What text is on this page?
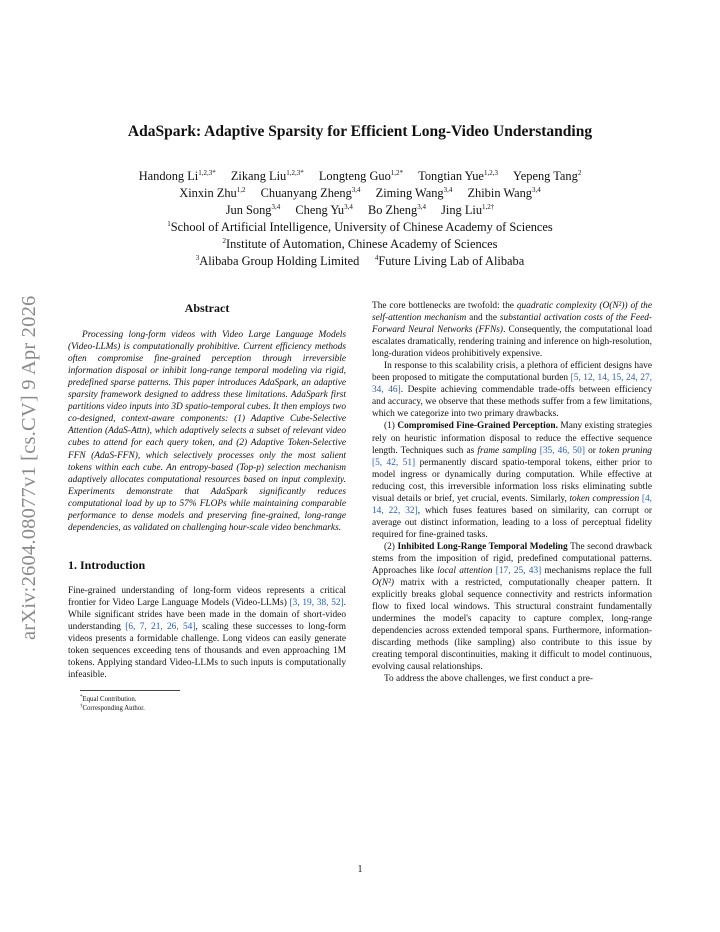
arXiv:2604.08077v1 [cs.CV] 9 Apr 2026
AdaSpark: Adaptive Sparsity for Efficient Long-Video Understanding
Handong $Li^{1,2,3*}$ Zikang Liu$^{1,2,3*}$ Longteng Guo$^{1,2*}$ Tongtian Yue$^{1,2,3}$ Yepeng Tang$^2$
Xinxin Zhu$^{1,2}$ Chuanyang Zheng$^{3,4}$ Ziming Wang$^{3,4}$ Zhibin Wang$^{3,4}$
Jun Song$^{3,4}$ Cheng Yu$^{3,4}$ Bo Zheng$^{3,4}$ Jing Liu$^{1,2\dagger}$
$^1$School of Artificial Intelligence, University of Chinese Academy of Sciences
$^2$Institute of Automation, Chinese Academy of Sciences
$^3$Alibaba Group Holding Limited $^4$Future Living Lab of Alibaba
Abstract

Processing long-form videos with Video Large Language Models (Video-LLMs) is computationally prohibitive. Current efficiency methods often compromise fine-grained perception through irreversible information disposal or inhibit long-range temporal modeling via rigid, predefined sparse patterns. This paper introduces AdaSpark, an adaptive sparsity framework designed to address these limitations. AdaSpark first partitions video inputs into 3D spatio-temporal cubes. It then employs two co-designed, context-aware components: (1) Adaptive Cube-Selective Attention (AdaS-Attn), which adaptively selects a subset of relevant video cubes to attend for each query token, and (2) Adaptive Token-Selective FFN (AdaS-FFN), which selectively processes only the most salient tokens within each cube. An entropy-based (Top-p) selection mechanism adaptively allocates computational resources based on input complexity. Experiments demonstrate that AdaSpark significantly reduces computational load by up to 57% FLOPs while maintaining comparable performance to dense models and preserving fine-grained, long-range dependencies, as validated on challenging hour-scale video benchmarks.

1. Introduction

Fine-grained understanding of long-form videos represents a critical frontier for Video Large Language Models (Video-LLMs) [3, 19, 38, 52]. While significant strides have been made in the domain of short-video understanding [6, 7, 21, 26, 54], scaling these successes to long-form videos presents a formidable challenge. Long videos can easily generate token sequences exceeding tens of thousands and even approaching 1M tokens. Applying standard Video-LLMs to such inputs is computationally infeasible.

*Equal Contribution.
†Corresponding Author.

The core bottlenecks are twofold: the quadratic complexity (O(N²)) of the self-attention mechanism and the substantial activation costs of the Feed-Forward Neural Networks (FFNs). Consequently, the computational load escalates dramatically, rendering training and inference on high-resolution, long-duration videos prohibitively expensive.

In response to this scalability crisis, a plethora of efficient designs have been proposed to mitigate the computational burden [5, 12, 14, 15, 24, 27, 34, 46]. Despite achieving commendable trade-offs between efficiency and accuracy, we observe that these methods suffer from a few limitations, which we categorize into two primary drawbacks.

(1) Compromised Fine-Grained Perception. Many existing strategies rely on heuristic information disposal to reduce the effective sequence length. Techniques such as frame sampling [35, 46, 50] or token pruning [5, 42, 51] permanently discard spatio-temporal tokens, either prior to model ingress or dynamically during computation. While effective at reducing cost, this irreversible information loss risks eliminating subtle visual details or brief, yet crucial, events. Similarly, token compression [4, 14, 22, 32], which fuses features based on similarity, can corrupt or average out distinct information, leading to a loss of perceptual fidelity required for fine-grained tasks.

(2) Inhibited Long-Range Temporal Modeling The second drawback stems from the imposition of rigid, predefined computational patterns. Approaches like local attention [17, 25, 43] mechanisms replace the full O(N²) matrix with a restricted, computationally cheaper pattern. It explicitly breaks global sequence connectivity and restricts information flow to fixed local windows. This structural constraint fundamentally undermines the model's capacity to capture complex, long-range dependencies across extended temporal spans. Furthermore, information-discarding methods (like sampling) also contribute to this issue by creating temporal discontinuities, making it difficult to model continuous, evolving causal relationships.

To address the above challenges, we first conduct a pre-

1
